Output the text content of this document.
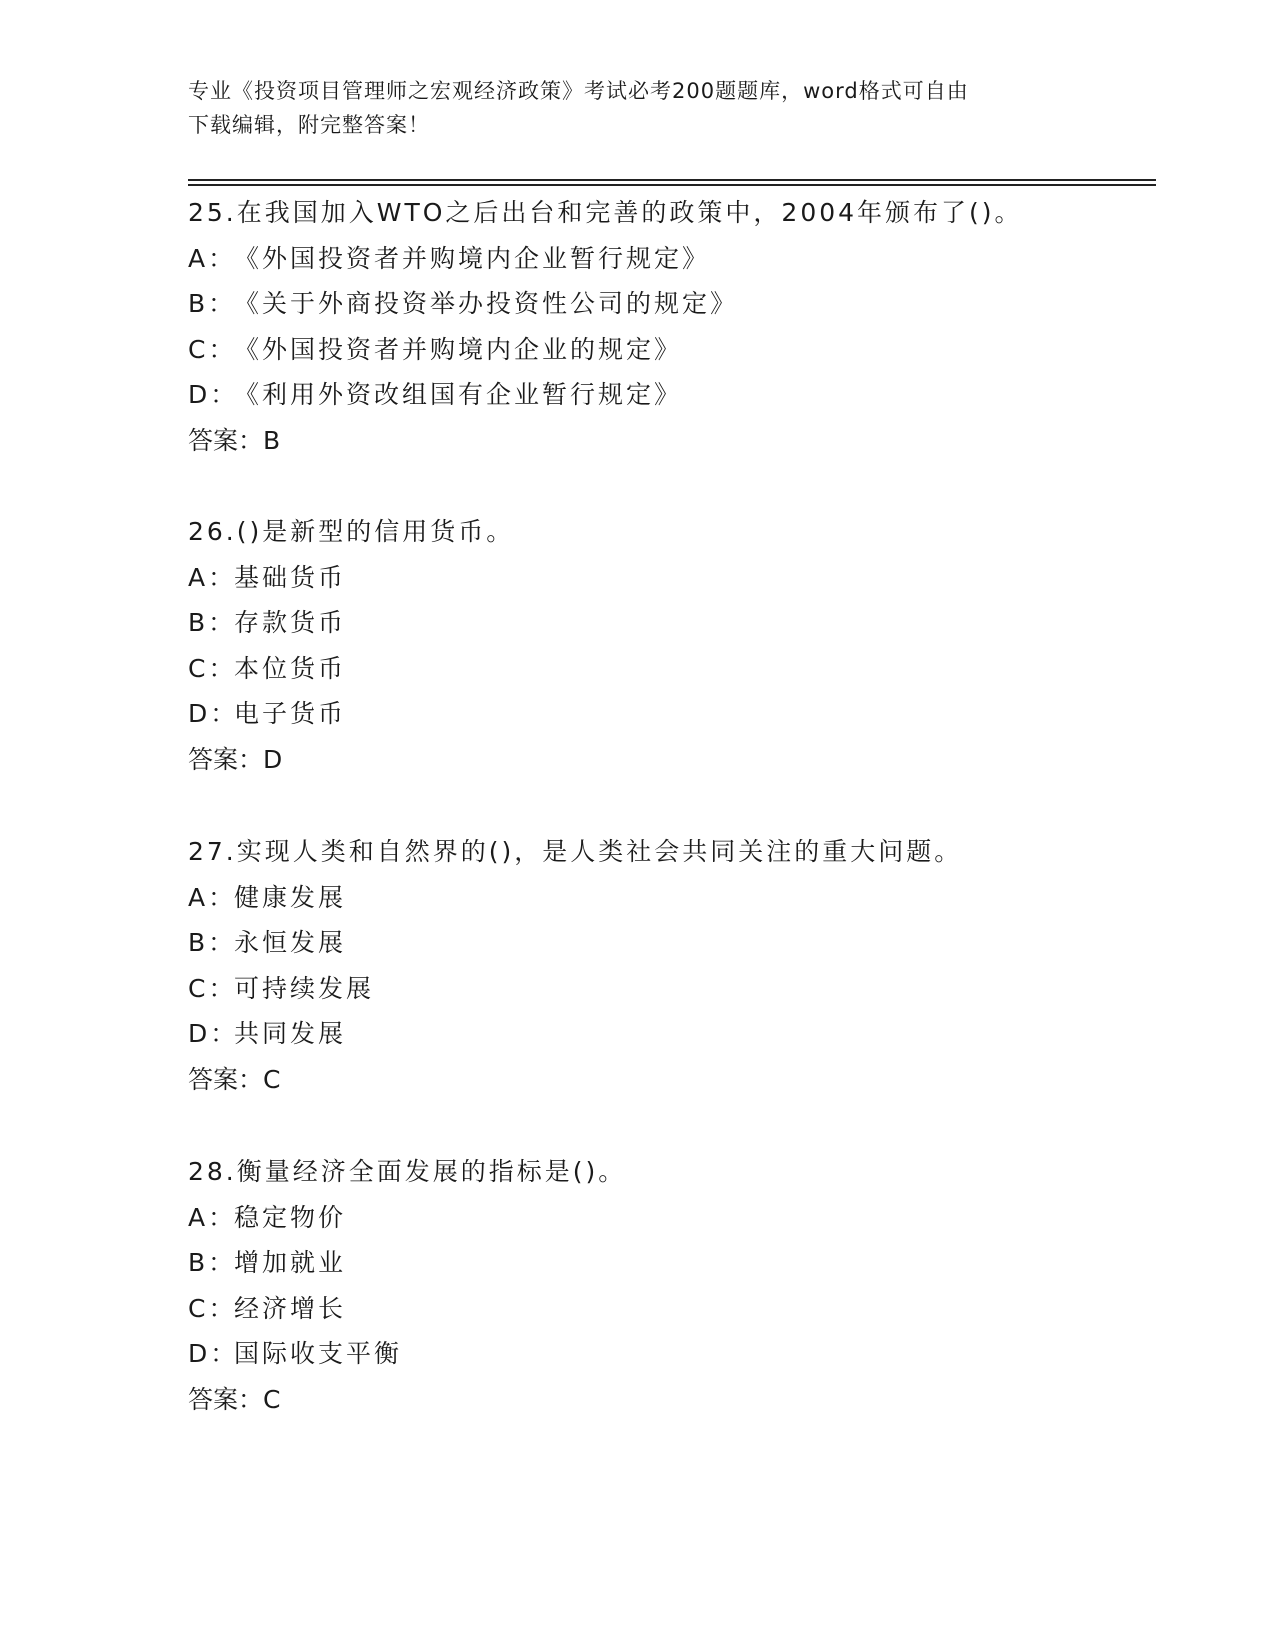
专业《投资项目管理师之宏观经济政策》考试必考200题题库，word格式可自由
下载编辑，附完整答案！
25.在我国加入WTO之后出台和完善的政策中，2004年颁布了()。
A：《外国投资者并购境内企业暂行规定》
B：《关于外商投资举办投资性公司的规定》
C：《外国投资者并购境内企业的规定》
D：《利用外资改组国有企业暂行规定》
答案：B
26.()是新型的信用货币。
A：基础货币
B：存款货币
C：本位货币
D：电子货币
答案：D
27.实现人类和自然界的()，是人类社会共同关注的重大问题。
A：健康发展
B：永恒发展
C：可持续发展
D：共同发展
答案：C
28.衡量经济全面发展的指标是()。
A：稳定物价
B：增加就业
C：经济增长
D：国际收支平衡
答案：C
